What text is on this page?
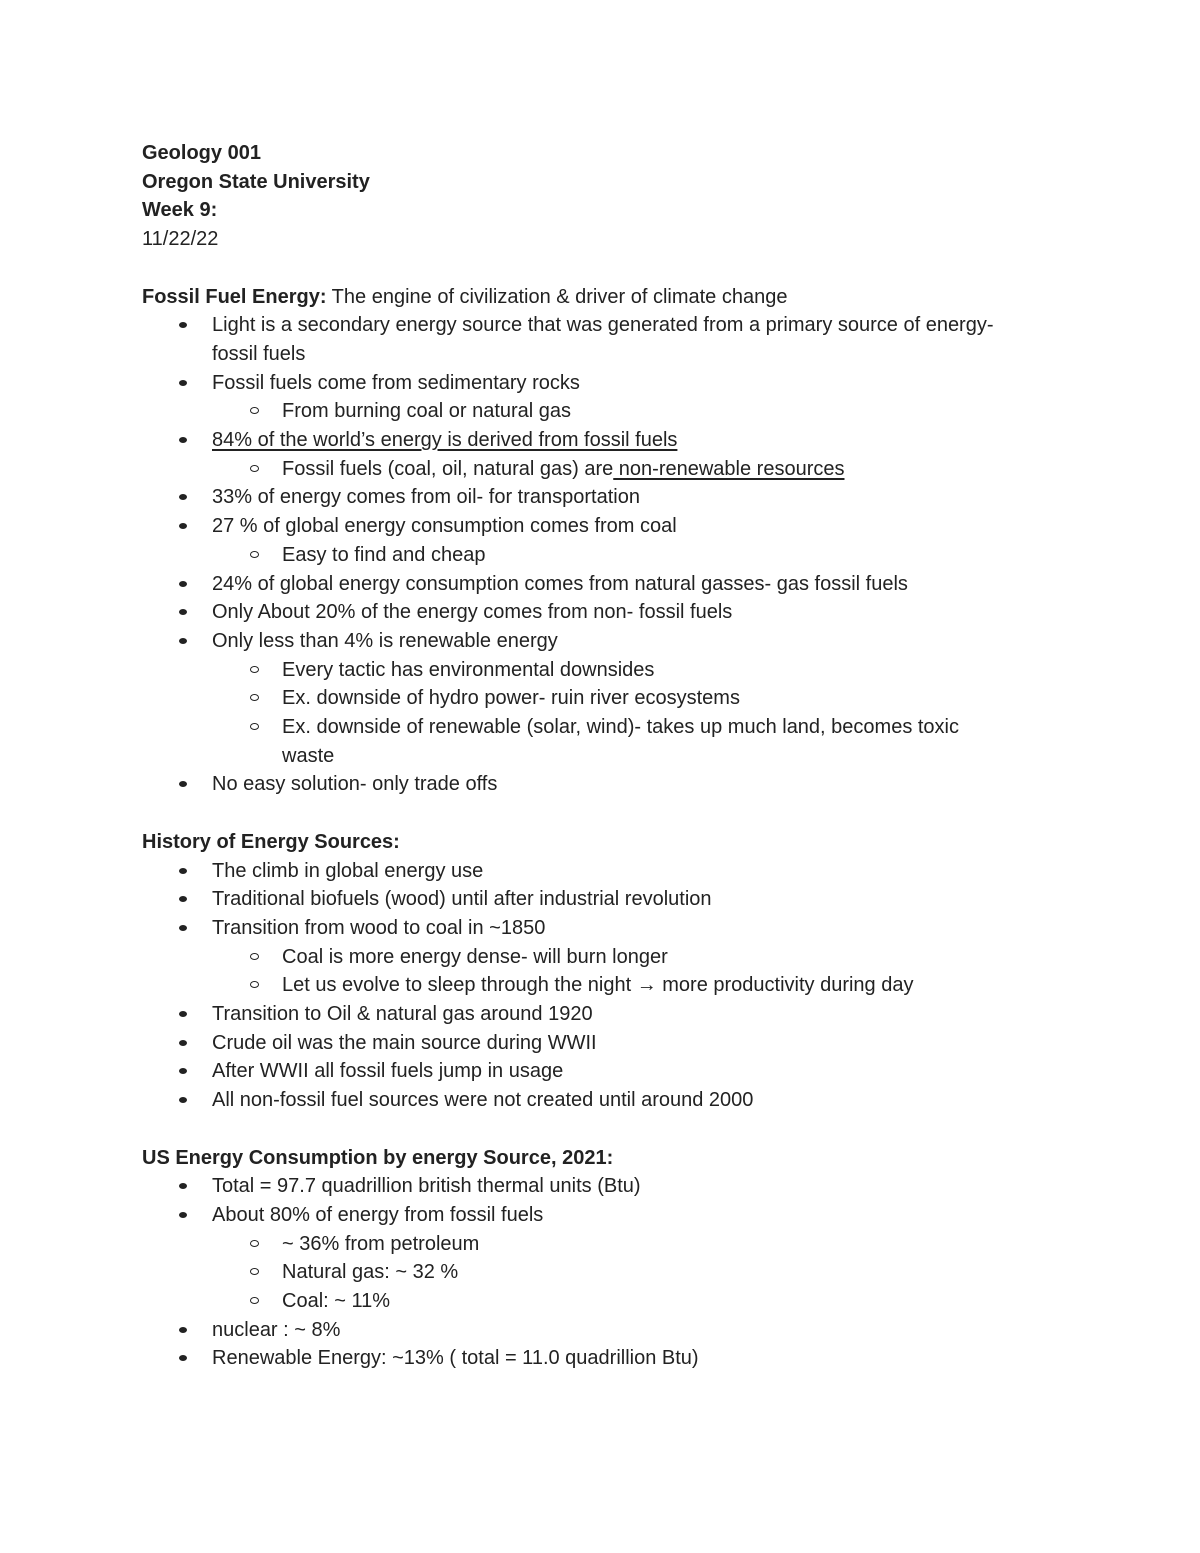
Geology 001
Oregon State University
Week 9:
11/22/22
Fossil Fuel Energy: The engine of civilization & driver of climate change
Light is a secondary energy source that was generated from a primary source of energy-
fossil fuels
Fossil fuels come from sedimentary rocks
From burning coal or natural gas
84% of the world’s energy is derived from fossil fuels
Fossil fuels (coal, oil, natural gas) are non-renewable resources
33% of energy comes from oil- for transportation
27 % of global energy consumption comes from coal
Easy to find and cheap
24% of global energy consumption comes from natural gasses- gas fossil fuels
Only About 20% of the energy comes from non- fossil fuels
Only less than 4% is renewable energy
Every tactic has environmental downsides
Ex. downside of hydro power- ruin river ecosystems
Ex. downside of renewable (solar, wind)- takes up much land, becomes toxic
waste
No easy solution- only trade offs
History of Energy Sources:
The climb in global energy use
Traditional biofuels (wood) until after industrial revolution
Transition from wood to coal in ~1850
Coal is more energy dense- will burn longer
Let us evolve to sleep through the night → more productivity during day
Transition to Oil & natural gas around 1920
Crude oil was the main source during WWII
After WWII all fossil fuels jump in usage
All non-fossil fuel sources were not created until around 2000
US Energy Consumption by energy Source, 2021:
Total = 97.7 quadrillion british thermal units (Btu)
About 80% of energy from fossil fuels
~ 36% from petroleum
Natural gas: ~ 32 %
Coal: ~ 11%
nuclear : ~ 8%
Renewable Energy: ~13% ( total = 11.0 quadrillion Btu)
